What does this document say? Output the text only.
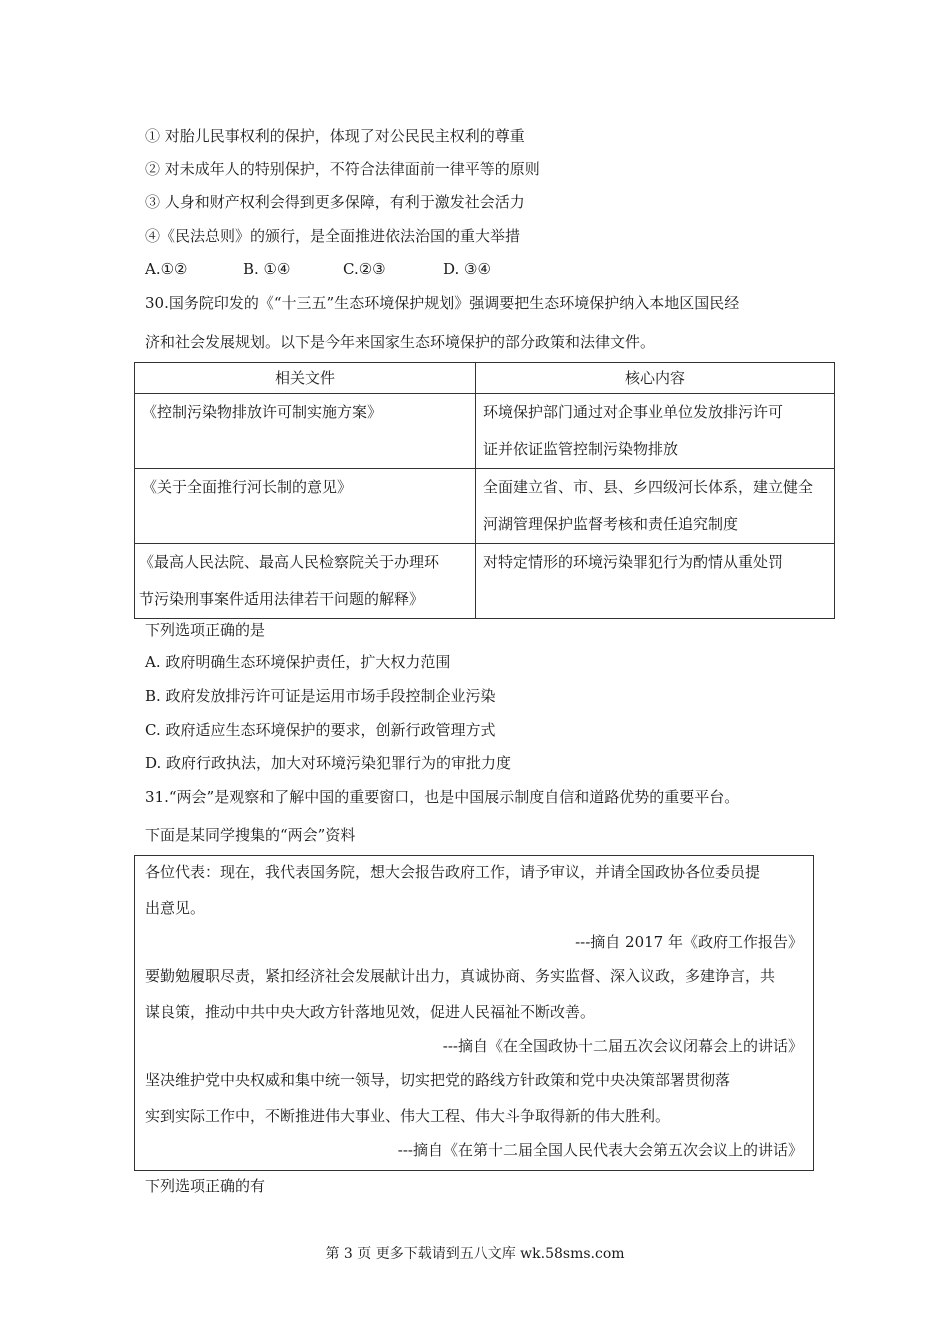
① 对胎儿民事权利的保护，体现了对公民民主权利的尊重
② 对未成年人的特别保护，不符合法律面前一律平等的原则
③ 人身和财产权利会得到更多保障，有利于激发社会活力
④《民法总则》的颁行，是全面推进依法治国的重大举措
A.①②	B. ①④	C.②③	D. ③④
30.国务院印发的《“十三五”生态环境保护规划》强调要把生态环境保护纳入本地区国民经
济和社会发展规划。以下是今年来国家生态环境保护的部分政策和法律文件。
相关文件	核心内容

《控制污染物排放许可制实施方案》	环境保护部门通过对企事业单位发放排污许可
证并依证监管控制污染物排放

《关于全面推行河长制的意见》	全面建立省、市、县、乡四级河长体系，建立健全
河湖管理保护监督考核和责任追究制度

《最高人民法院、最高人民检察院关于办理环
节污染刑事案件适用法律若干问题的解释》	对特定情形的环境污染罪犯行为酌情从重处罚
下列选项正确的是
A. 政府明确生态环境保护责任，扩大权力范围
B. 政府发放排污许可证是运用市场手段控制企业污染
C. 政府适应生态环境保护的要求，创新行政管理方式
D. 政府行政执法，加大对环境污染犯罪行为的审批力度
31.“两会”是观察和了解中国的重要窗口，也是中国展示制度自信和道路优势的重要平台。
下面是某同学搜集的“两会”资料
各位代表：现在，我代表国务院，想大会报告政府工作，请予审议，并请全国政协各位委员提
出意见。
---摘自 2017 年《政府工作报告》
要勤勉履职尽责，紧扣经济社会发展献计出力，真诚协商、务实监督、深入议政，多建诤言，共
谋良策，推动中共中央大政方针落地见效，促进人民福祉不断改善。
---摘自《在全国政协十二届五次会议闭幕会上的讲话》
坚决维护党中央权威和集中统一领导，切实把党的路线方针政策和党中央决策部署贯彻落
实到实际工作中，不断推进伟大事业、伟大工程、伟大斗争取得新的伟大胜利。
---摘自《在第十二届全国人民代表大会第五次会议上的讲话》
下列选项正确的有
第 3 页 更多下载请到五八文库 wk.58sms.com
